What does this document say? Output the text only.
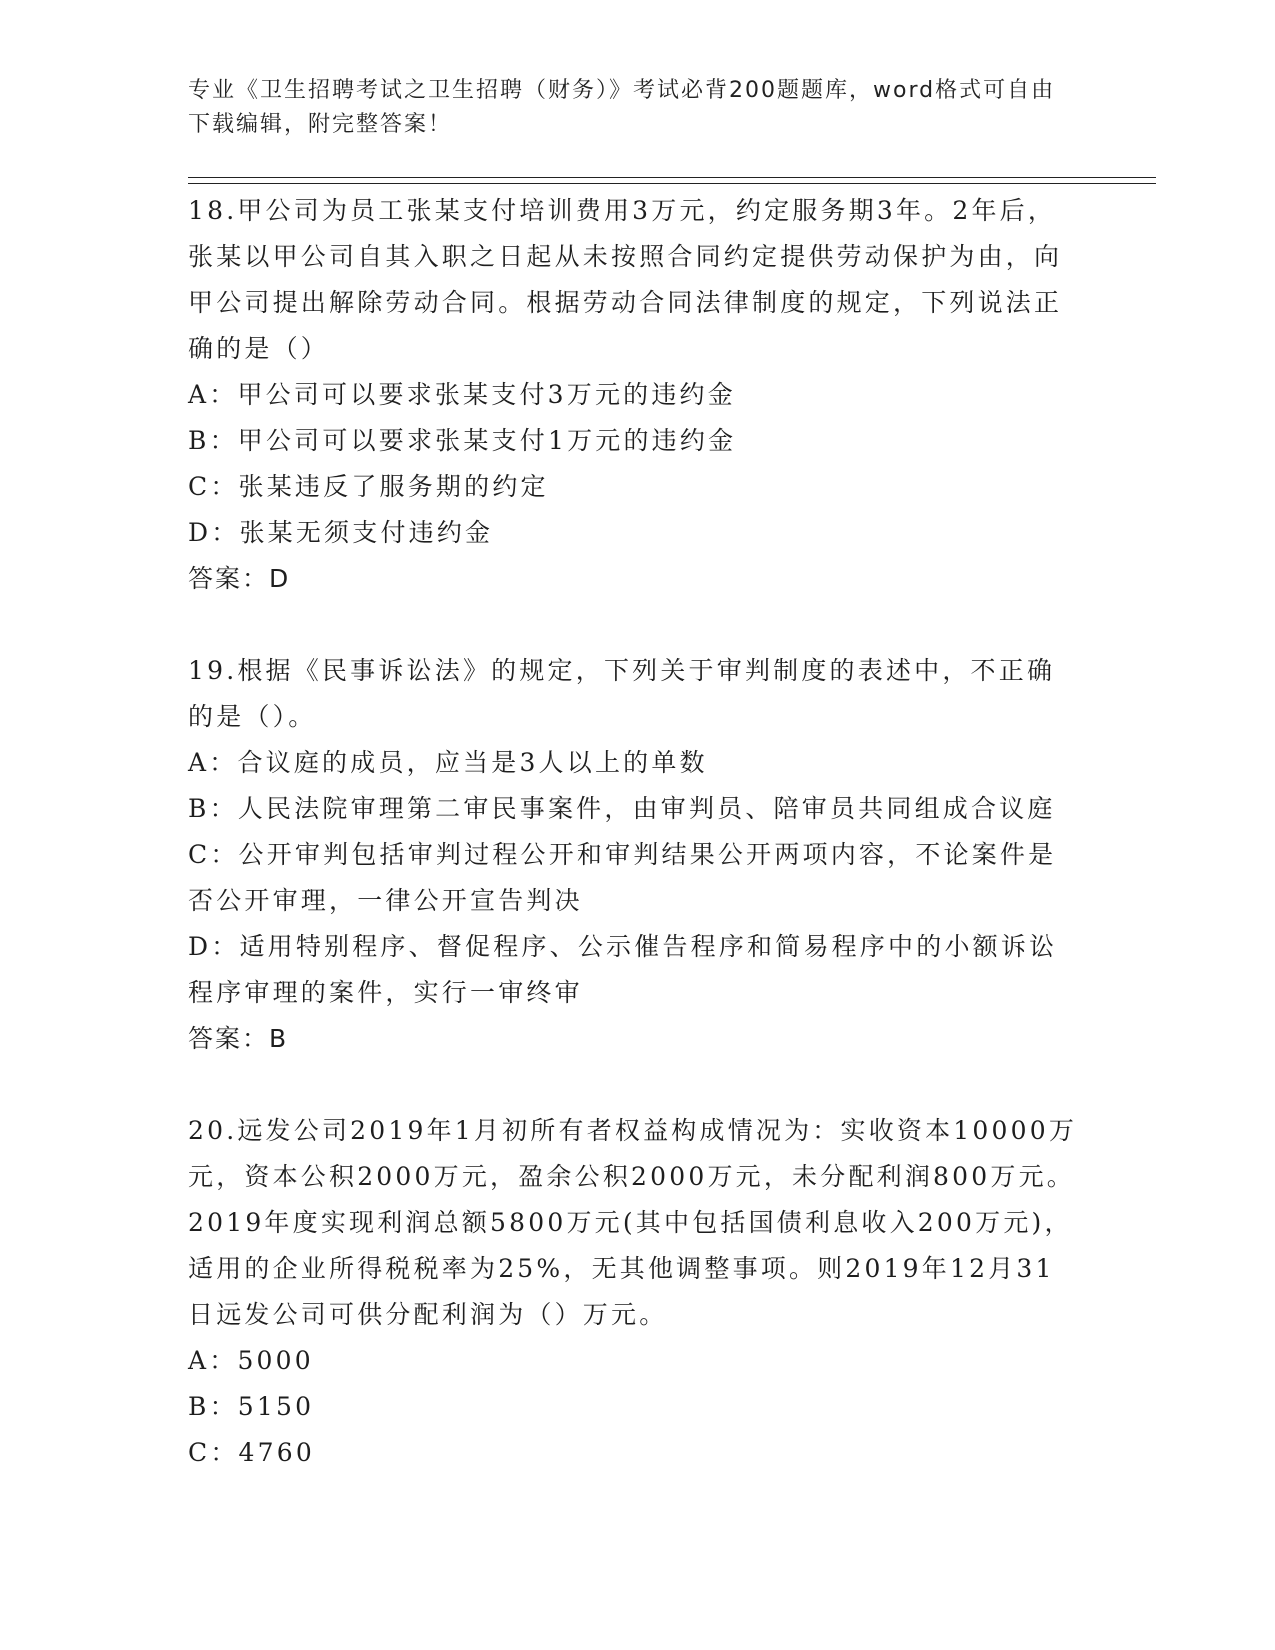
专业《卫生招聘考试之卫生招聘（财务）》考试必背200题题库，word格式可自由下载编辑，附完整答案！

18.甲公司为员工张某支付培训费用3万元，约定服务期3年。2年后，张某以甲公司自其入职之日起从未按照合同约定提供劳动保护为由，向甲公司提出解除劳动合同。根据劳动合同法律制度的规定，下列说法正确的是（）

A：甲公司可以要求张某支付3万元的违约金

B：甲公司可以要求张某支付1万元的违约金

C：张某违反了服务期的约定

D：张某无须支付违约金

答案：D

19.根据《民事诉讼法》的规定，下列关于审判制度的表述中，不正确的是（）。

A：合议庭的成员，应当是3人以上的单数

B：人民法院审理第二审民事案件，由审判员、陪审员共同组成合议庭

C：公开审判包括审判过程公开和审判结果公开两项内容，不论案件是否公开审理，一律公开宣告判决

D：适用特别程序、督促程序、公示催告程序和简易程序中的小额诉讼程序审理的案件，实行一审终审

答案：B

20.远发公司2019年1月初所有者权益构成情况为：实收资本10000万元，资本公积2000万元，盈余公积2000万元，未分配利润800万元。2019年度实现利润总额5800万元(其中包括国债利息收入200万元)，适用的企业所得税税率为25%，无其他调整事项。则2019年12月31日远发公司可供分配利润为（）万元。

A：5000

B：5150

C：4760
